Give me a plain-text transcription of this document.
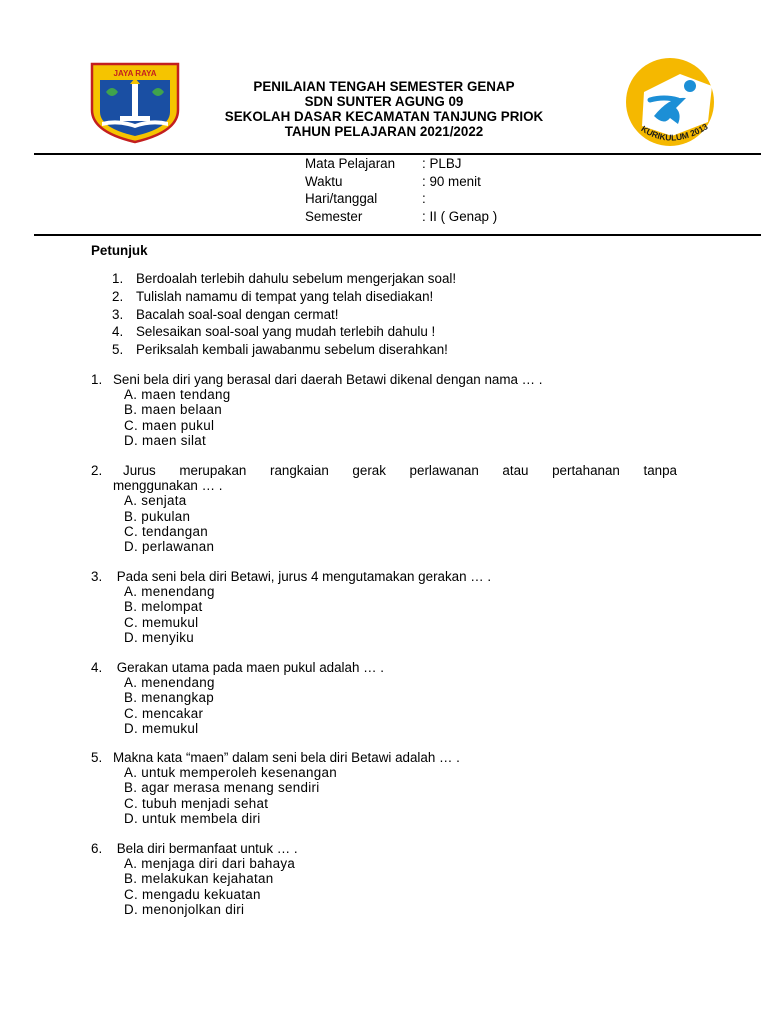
JAYA RAYA
PENILAIAN TENGAH SEMESTER GENAP
SDN SUNTER AGUNG 09
SEKOLAH DASAR KECAMATAN TANJUNG PRIOK
TAHUN PELAJARAN 2021/2022	KURIKULUM 2013
Mata Pelajaran	: PLBJ
Waktu	: 90 menit
Hari/tanggal	:
Semester	: II ( Genap )
Petunjuk
1. Berdoalah terlebih dahulu sebelum mengerjakan soal!
2. Tulislah namamu di tempat yang telah disediakan!
3. Bacalah soal-soal dengan cermat!
4. Selesaikan soal-soal yang mudah terlebih dahulu !
5. Periksalah kembali jawabanmu sebelum diserahkan!
1. Seni bela diri yang berasal dari daerah Betawi dikenal dengan nama … .
A. maen tendang
B. maen belaan
C. maen pukul
D. maen silat
2.	Jurus merupakan rangkaian gerak perlawanan atau pertahanan tanpa
menggunakan … .
A. senjata
B. pukulan
C. tendangan
D. perlawanan
3. Pada seni bela diri Betawi, jurus 4 mengutamakan gerakan … .
A. menendang
B. melompat
C. memukul
D. menyiku
4. Gerakan utama pada maen pukul adalah … .
A. menendang
B. menangkap
C. mencakar
D. memukul
5. Makna kata “maen” dalam seni bela diri Betawi adalah … .
A. untuk memperoleh kesenangan
B. agar merasa menang sendiri
C. tubuh menjadi sehat
D. untuk membela diri
6. Bela diri bermanfaat untuk … .
A. menjaga diri dari bahaya
B. melakukan kejahatan
C. mengadu kekuatan
D. menonjolkan diri
